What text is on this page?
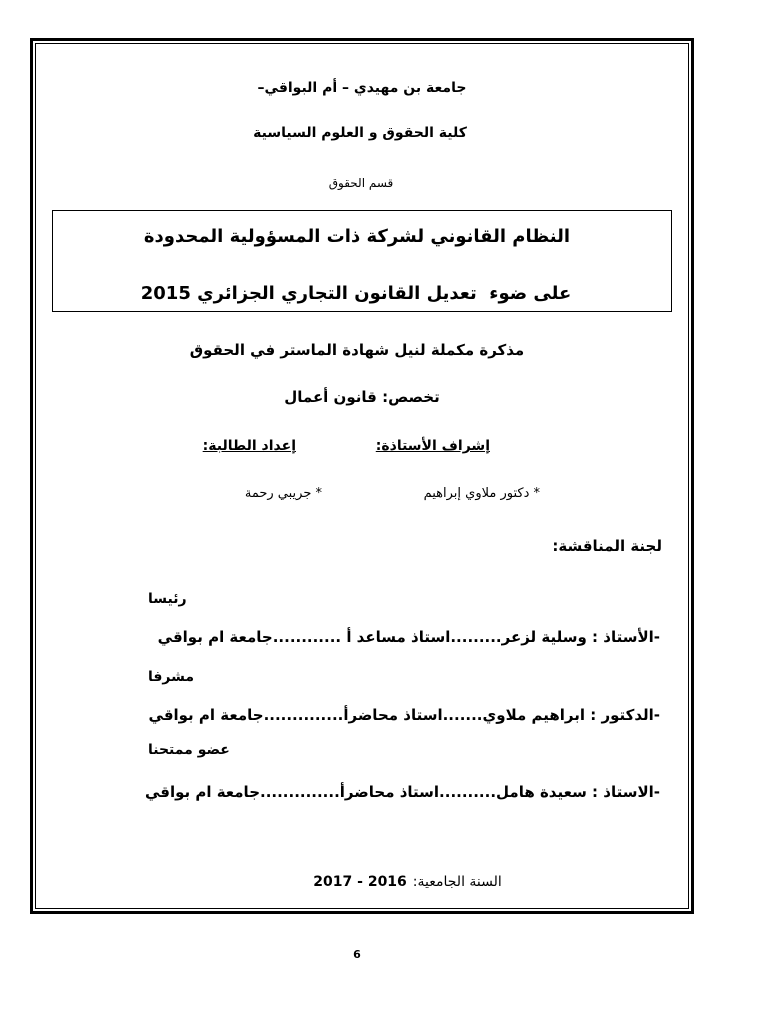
جامعة بن مهيدي – أم البواقي–
كلية الحقوق و العلوم السياسية
قسم الحقوق
النظام القانوني لشركة ذات المسؤولية المحدودة
على ضوء  تعديل القانون التجاري الجزائري 2015
مذكرة مكملة لنيل شهادة الماستر في الحقوق
تخصص: قانون أعمال
إشراف الأستاذة:
إعداد الطالبة:
* دكتور ملاوي إبراهيم
* جريبي رحمة
لجنة المناقشة:
رئيسا
-الأستاذ : وسلية لزعر.........استاذ مساعد أ ............جامعة ام بواقي
مشرفا
-الدكتور : ابراهيم ملاوي.......استاذ محاضرأ..............جامعة ام بواقي
عضو ممتحنا
-الاستاذ : سعيدة هامل..........استاذ محاضرأ..............جامعة ام بواقي

السنة الجامعية:2016 - 2017

6
